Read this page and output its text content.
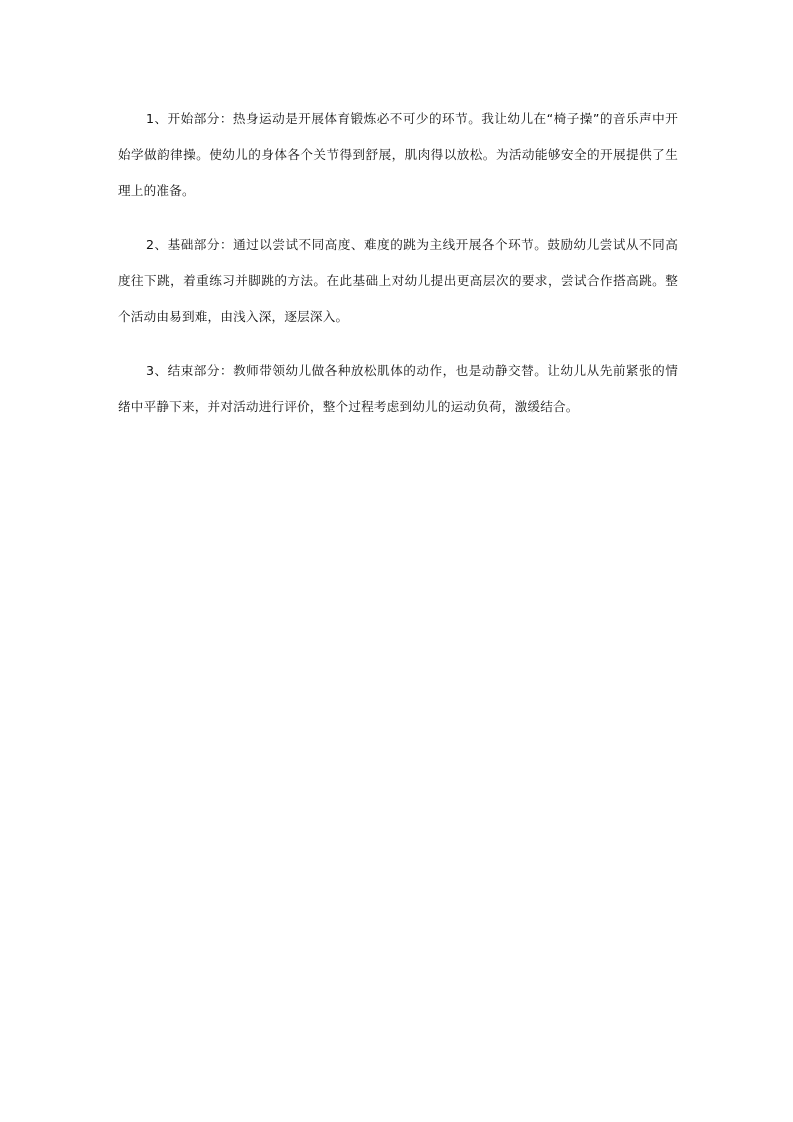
1、开始部分：热身运动是开展体育锻炼必不可少的环节。我让幼儿在“椅子操”的音乐声中开始学做韵律操。使幼儿的身体各个关节得到舒展，肌肉得以放松。为活动能够安全的开展提供了生理上的准备。

2、基础部分：通过以尝试不同高度、难度的跳为主线开展各个环节。鼓励幼儿尝试从不同高度往下跳，着重练习并脚跳的方法。在此基础上对幼儿提出更高层次的要求，尝试合作搭高跳。整个活动由易到难，由浅入深，逐层深入。

3、结束部分：教师带领幼儿做各种放松肌体的动作，也是动静交替。让幼儿从先前紧张的情绪中平静下来，并对活动进行评价，整个过程考虑到幼儿的运动负荷，激缓结合。
